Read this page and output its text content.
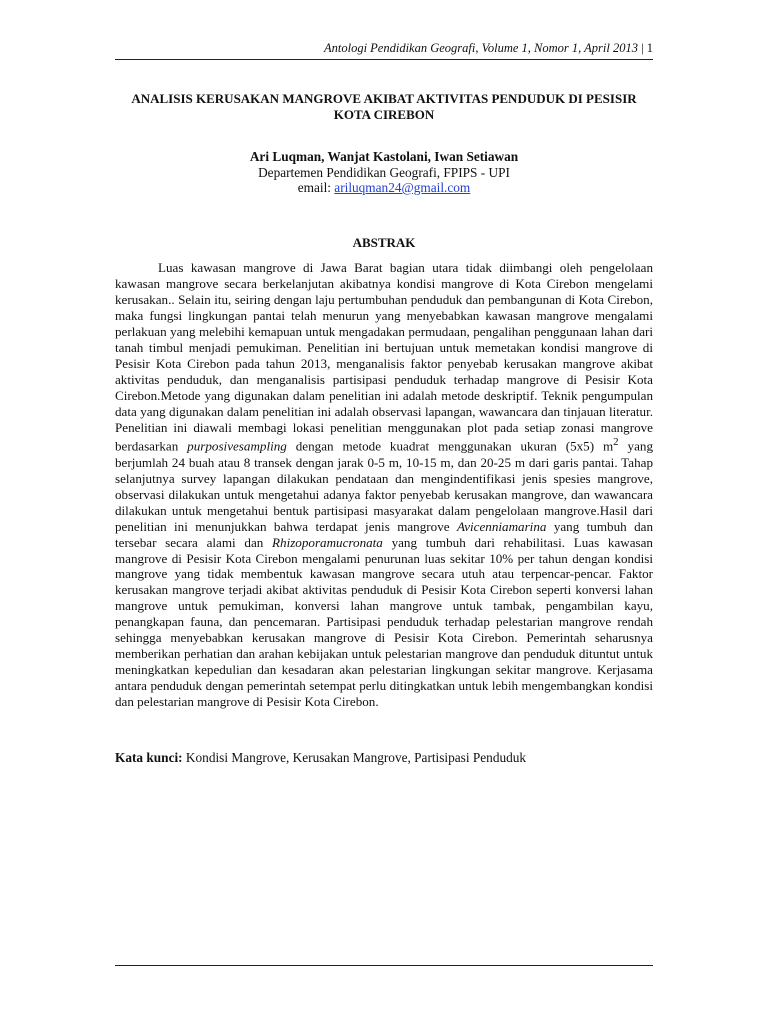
Antologi Pendidikan Geografi, Volume 1, Nomor 1, April 2013 | 1
ANALISIS KERUSAKAN MANGROVE AKIBAT AKTIVITAS PENDUDUK DI PESISIR KOTA CIREBON
Ari Luqman, Wanjat Kastolani, Iwan Setiawan
Departemen Pendidikan Geografi, FPIPS - UPI
email: ariluqman24@gmail.com
ABSTRAK

Luas kawasan mangrove di Jawa Barat bagian utara tidak diimbangi oleh pengelolaan kawasan mangrove secara berkelanjutan akibatnya kondisi mangrove di Kota Cirebon mengelami kerusakan.. Selain itu, seiring dengan laju pertumbuhan penduduk dan pembangunan di Kota Cirebon, maka fungsi lingkungan pantai telah menurun yang menyebabkan kawasan mangrove mengalami perlakuan yang melebihi kemapuan untuk mengadakan permudaan, pengalihan penggunaan lahan dari tanah timbul menjadi pemukiman. Penelitian ini bertujuan untuk memetakan kondisi mangrove di Pesisir Kota Cirebon pada tahun 2013, menganalisis faktor penyebab kerusakan mangrove akibat aktivitas penduduk, dan menganalisis partisipasi penduduk terhadap mangrove di Pesisir Kota Cirebon.Metode yang digunakan dalam penelitian ini adalah metode deskriptif. Teknik pengumpulan data yang digunakan dalam penelitian ini adalah observasi lapangan, wawancara dan tinjauan literatur. Penelitian ini diawali membagi lokasi penelitian menggunakan plot pada setiap zonasi mangrove berdasarkan purposivesampling dengan metode kuadrat menggunakan ukuran (5x5) $m^2$ yang berjumlah 24 buah atau 8 transek dengan jarak 0-5 m, 10-15 m, dan 20-25 m dari garis pantai. Tahap selanjutnya survey lapangan dilakukan pendataan dan mengindentifikasi jenis spesies mangrove, observasi dilakukan untuk mengetahui adanya faktor penyebab kerusakan mangrove, dan wawancara dilakukan untuk mengetahui bentuk partisipasi masyarakat dalam pengelolaan mangrove.Hasil dari penelitian ini menunjukkan bahwa terdapat jenis mangrove Avicenniamarina yang tumbuh dan tersebar secara alami dan Rhizoporamucronata yang tumbuh dari rehabilitasi. Luas kawasan mangrove di Pesisir Kota Cirebon mengalami penurunan luas sekitar 10% per tahun dengan kondisi mangrove yang tidak membentuk kawasan mangrove secara utuh atau terpencar-pencar. Faktor kerusakan mangrove terjadi akibat aktivitas penduduk di Pesisir Kota Cirebon seperti konversi lahan mangrove untuk pemukiman, konversi lahan mangrove untuk tambak, pengambilan kayu, penangkapan fauna, dan pencemaran. Partisipasi penduduk terhadap pelestarian mangrove rendah sehingga menyebabkan kerusakan mangrove di Pesisir Kota Cirebon. Pemerintah seharusnya memberikan perhatian dan arahan kebijakan untuk pelestarian mangrove dan penduduk dituntut untuk meningkatkan kepedulian dan kesadaran akan pelestarian lingkungan sekitar mangrove. Kerjasama antara penduduk dengan pemerintah setempat perlu ditingkatkan untuk lebih mengembangkan kondisi dan pelestarian mangrove di Pesisir Kota Cirebon.

Kata kunci: Kondisi Mangrove, Kerusakan Mangrove, Partisipasi Penduduk
